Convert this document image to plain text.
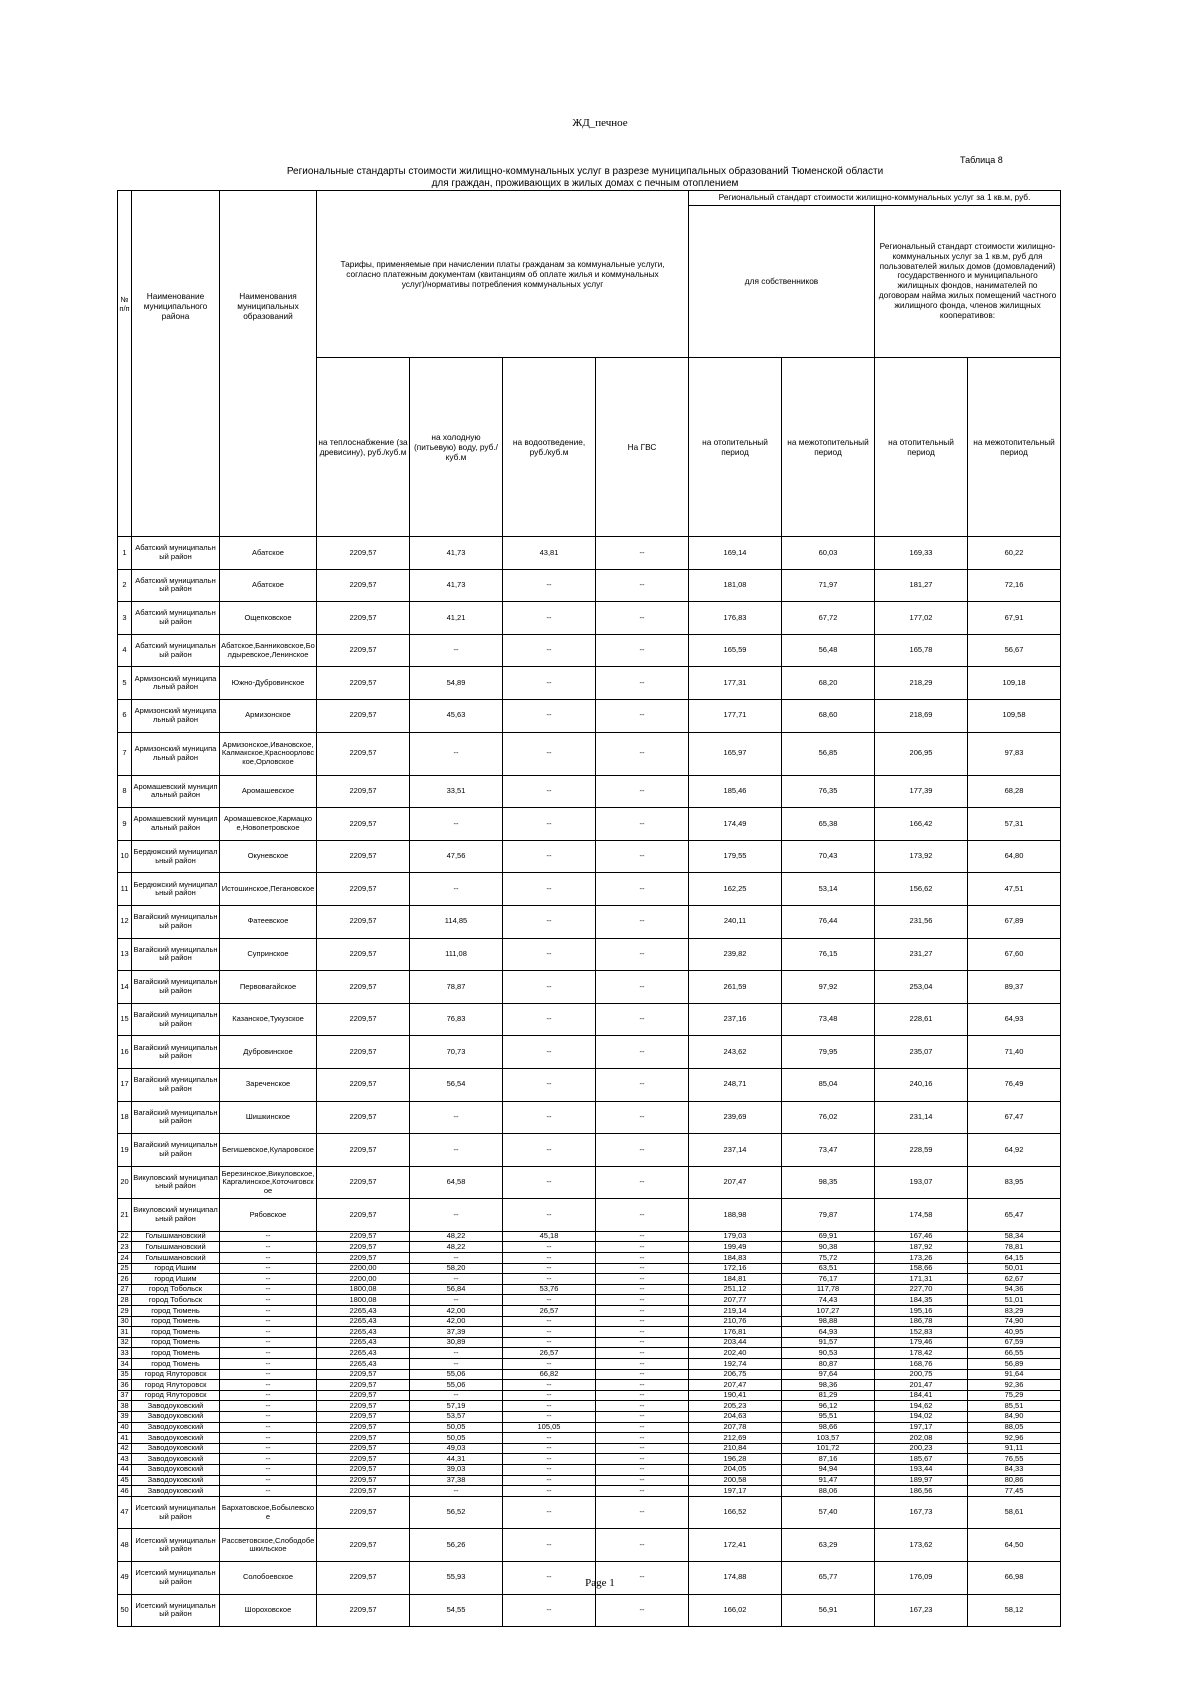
ЖД_печное
Таблица 8
Региональные стандарты стоимости жилищно-коммунальных услуг в разрезе муниципальных образований Тюменской области
для граждан, проживающих в жилых домах с печным отоплением
№ п/п	Наименование муниципального района	Наименования муниципальных образований	Тарифы, применяемые при начислении платы гражданам за коммунальные услуги, согласно платежным документам (квитанциям об оплате жилья и коммунальных услуг)/нормативы потребления коммунальных услуг				Региональный стандарт стоимости жилищно-коммунальных услуг за 1 кв.м, руб.			
							для собственников		Региональный стандарт стоимости жилищно-коммунальных услуг за 1 кв.м, руб для пользователей жилых домов (домовладений) государственного и муниципального жилищных фондов, нанимателей по договорам найма жилых помещений частного жилищного фонда, членов жилищных кооперативов:	
			на теплоснабжение (за древисину), руб./куб.м	на холодную (питьевую) воду, руб./куб.м	на водоотведение, руб./куб.м	На ГВС	на отопительный период	на межотопительный период	на отопительный период	на межотопительный период
1	Абатский муниципальный район	Абатское	2209,57	41,73	43,81	--	169,14	60,03	169,33	60,22
2	Абатский муниципальный район	Абатское	2209,57	41,73	--	--	181,08	71,97	181,27	72,16
3	Абатский муниципальный район	Ощепковское	2209,57	41,21	--	--	176,83	67,72	177,02	67,91
4	Абатский муниципальный район	Абатское,Банниковское,Болдыревское,Ленинское	2209,57	--	--	--	165,59	56,48	165,78	56,67
5	Армизонский муниципальный район	Южно-Дубровинское	2209,57	54,89	--	--	177,31	68,20	218,29	109,18
6	Армизонский муниципальный район	Армизонское	2209,57	45,63	--	--	177,71	68,60	218,69	109,58
7	Армизонский муниципальный район	Армизонское,Ивановское,Калмакское,Красноорловское,Орловское	2209,57	--	--	--	165,97	56,85	206,95	97,83
8	Аромашевский муниципальный район	Аромашевское	2209,57	33,51	--	--	185,46	76,35	177,39	68,28
9	Аромашевский муниципальный район	Аромашевское,Кармацкое,Новопетровское	2209,57	--	--	--	174,49	65,38	166,42	57,31
10	Бердюжский муниципальный район	Окуневское	2209,57	47,56	--	--	179,55	70,43	173,92	64,80
11	Бердюжский муниципальный район	Истошинское,Пегановское	2209,57	--	--	--	162,25	53,14	156,62	47,51
12	Вагайский муниципальный район	Фатеевское	2209,57	114,85	--	--	240,11	76,44	231,56	67,89
13	Вагайский муниципальный район	Супринское	2209,57	111,08	--	--	239,82	76,15	231,27	67,60
14	Вагайский муниципальный район	Первовагайское	2209,57	78,87	--	--	261,59	97,92	253,04	89,37
15	Вагайский муниципальный район	Казанское,Тукузское	2209,57	76,83	--	--	237,16	73,48	228,61	64,93
16	Вагайский муниципальный район	Дубровинское	2209,57	70,73	--	--	243,62	79,95	235,07	71,40
17	Вагайский муниципальный район	Зареченское	2209,57	56,54	--	--	248,71	85,04	240,16	76,49
18	Вагайский муниципальный район	Шишкинское	2209,57	--	--	--	239,69	76,02	231,14	67,47
19	Вагайский муниципальный район	Бегишевское,Куларовское	2209,57	--	--	--	237,14	73,47	228,59	64,92
20	Викуловский муниципальный район	Березинское,Викуловское,Каргалинское,Коточиговское	2209,57	64,58	--	--	207,47	98,35	193,07	83,95
21	Викуловский муниципальный район	Рябовское	2209,57	--	--	--	188,98	79,87	174,58	65,47
22	Голышмановский	--	2209,57	48,22	45,18	--	179,03	69,91	167,46	58,34
23	Голышмановский	--	2209,57	48,22	--	--	199,49	90,38	187,92	78,81
24	Голышмановский	--	2209,57	--	--	--	184,83	75,72	173,26	64,15
25	город Ишим	--	2200,00	58,20	--	--	172,16	63,51	158,66	50,01
26	город Ишим	--	2200,00	--	--	--	184,81	76,17	171,31	62,67
27	город Тобольск	--	1800,08	56,84	53,76	--	251,12	117,78	227,70	94,36
28	город Тобольск	--	1800,08	--	--	--	207,77	74,43	184,35	51,01
29	город Тюмень	--	2265,43	42,00	26,57	--	219,14	107,27	195,16	83,29
30	город Тюмень	--	2265,43	42,00	--	--	210,76	98,88	186,78	74,90
31	город Тюмень	--	2265,43	37,39	--	--	176,81	64,93	152,83	40,95
32	город Тюмень	--	2265,43	30,89	--	--	203,44	91,57	179,46	67,59
33	город Тюмень	--	2265,43	--	26,57	--	202,40	90,53	178,42	66,55
34	город Тюмень	--	2265,43	--	--	--	192,74	80,87	168,76	56,89
35	город Ялуторовск	--	2209,57	55,06	66,82	--	206,75	97,64	200,75	91,64
36	город Ялуторовск	--	2209,57	55,06	--	--	207,47	98,36	201,47	92,36
37	город Ялуторовск	--	2209,57	--	--	--	190,41	81,29	184,41	75,29
38	Заводоуковский	--	2209,57	57,19	--	--	205,23	96,12	194,62	85,51
39	Заводоуковский	--	2209,57	53,57	--	--	204,63	95,51	194,02	84,90
40	Заводоуковский	--	2209,57	50,05	105,05	--	207,78	98,66	197,17	88,05
41	Заводоуковский	--	2209,57	50,05	--	--	212,69	103,57	202,08	92,96
42	Заводоуковский	--	2209,57	49,03	--	--	210,84	101,72	200,23	91,11
43	Заводоуковский	--	2209,57	44,31	--	--	196,28	87,16	185,67	76,55
44	Заводоуковский	--	2209,57	39,03	--	--	204,05	94,94	193,44	84,33
45	Заводоуковский	--	2209,57	37,38	--	--	200,58	91,47	189,97	80,86
46	Заводоуковский	--	2209,57	--	--	--	197,17	88,06	186,56	77,45
47	Исетский муниципальный район	Бархатовское,Бобылевское	2209,57	56,52	--	--	166,52	57,40	167,73	58,61
48	Исетский муниципальный район	Рассветовское,Слободобешкильское	2209,57	56,26	--	--	172,41	63,29	173,62	64,50
49	Исетский муниципальный район	Солобоевское	2209,57	55,93	--	--	174,88	65,77	176,09	66,98
50	Исетский муниципальный район	Шороховское	2209,57	54,55	--	--	166,02	56,91	167,23	58,12
Page 1
